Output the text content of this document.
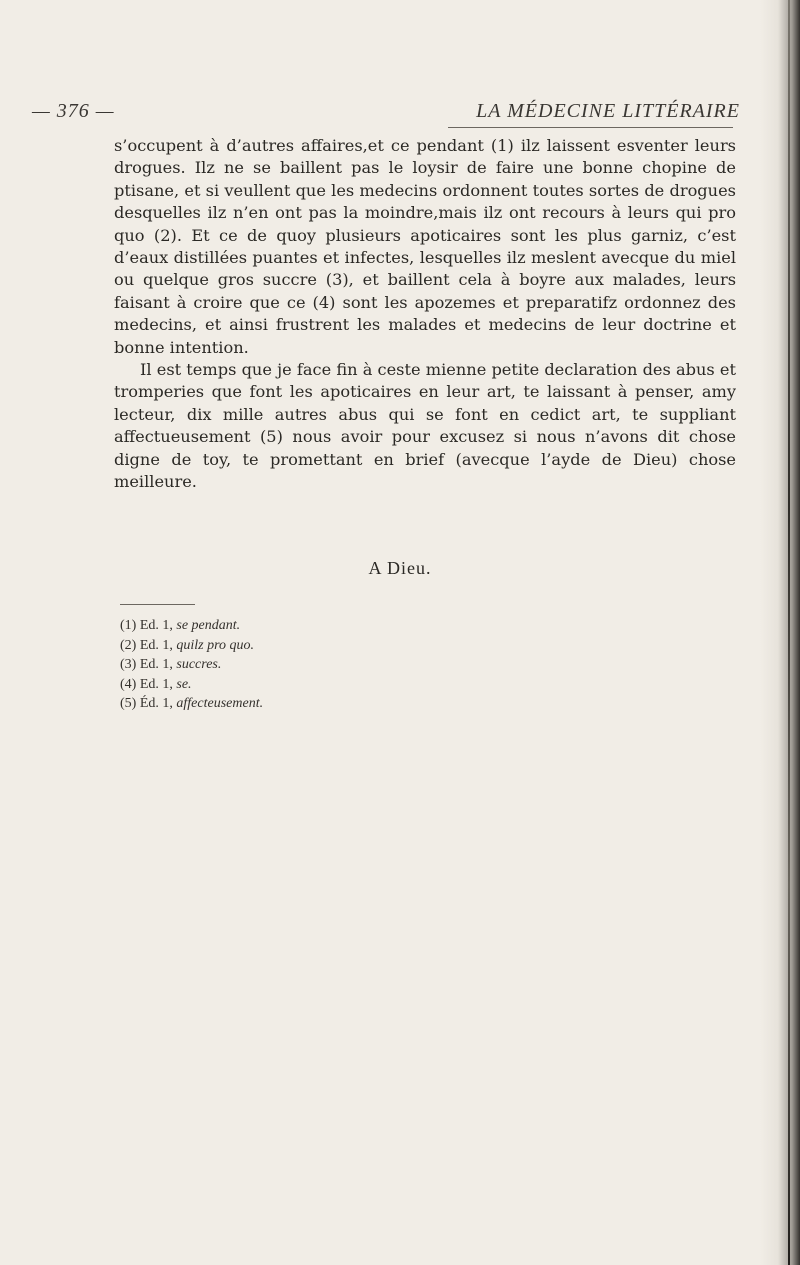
— 376 —	LA MÉDECINE LITTÉRAIRE

s’occupent à d’autres affaires,et ce pendant (1) ilz laissent esventer leurs drogues. Ilz ne se baillent pas le loysir de faire une bonne chopine de ptisane, et si veullent que les medecins ordonnent toutes sortes de drogues desquelles ilz n’en ont pas la moindre,mais ilz ont recours à leurs qui pro quo (2). Et ce de quoy plusieurs apoticaires sont les plus garniz, c’est d’eaux distillées puantes et infectes, lesquelles ilz meslent avecque du miel ou quelque gros succre (3), et baillent cela à boyre aux malades, leurs faisant à croire que ce (4) sont les apozemes et preparatifz ordonnez des medecins, et ainsi frustrent les malades et medecins de leur doctrine et bonne intention.

Il est temps que je face fin à ceste mienne petite declaration des abus et tromperies que font les apoticaires en leur art, te laissant à penser, amy lecteur, dix mille autres abus qui se font en cedict art, te suppliant affectueusement (5) nous avoir pour excusez si nous n’avons dit chose digne de toy, te promettant en brief (avecque l’ayde de Dieu) chose meilleure.

A Dieu.
(1) Ed. 1, se pendant.
(2) Ed. 1, quilz pro quo.
(3) Ed. 1, succres.
(4) Ed. 1, se.
(5) Éd. 1, affecteusement.
